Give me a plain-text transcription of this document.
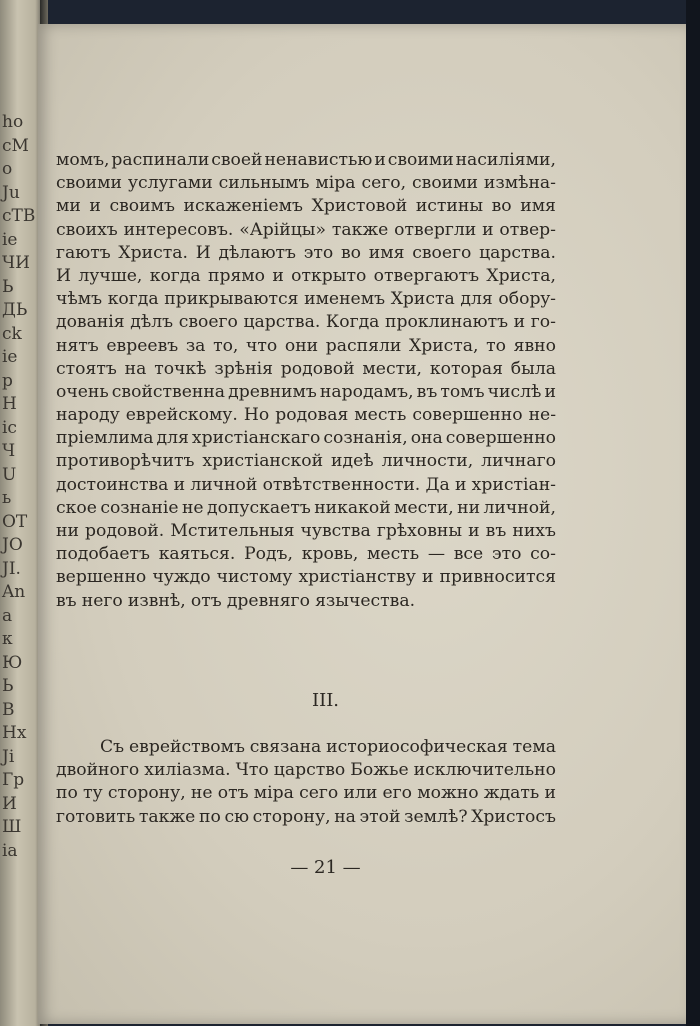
ho
cM
o
Ju
cTB
ie
ЧИ
Ь
ДЬ
ck
ie
p
H
ic
Ч
U
ь
OT
JO
JI.
An
a
к
Ю
Ь
B
Hx
Ji
Гp
И
Ш
ia
момъ, распинали своей ненавистью и своими насиліями,
своими услугами сильнымъ міра сего, своими измѣна-
ми и своимъ искаженіемъ Христовой истины во имя
своихъ интересовъ. «Арійцы» также отвергли и отвер-
гаютъ Христа. И дѣлаютъ это во имя своего царства.
И лучше, когда прямо и открыто отвергаютъ Христа,
чѣмъ когда прикрываются именемъ Христа для оборy-
дованія дѣлъ своего царства. Когда проклинаютъ и го-
нятъ евреевъ за то, что они распяли Христа, то явно
стоятъ на точкѣ зрѣнія родовой мести, которая была
очень свойственна древнимъ народамъ, въ томъ числѣ и
народу еврейскому. Но родовая месть совершенно не-
пріемлима для христіанскаго сознанія, она совершенно
противорѣчитъ христіанской идеѣ личности, личнаго
достоинства и личной отвѣтственности. Да и христіан-
ское сознаніе не допускаетъ никакой мести, ни личной,
ни родовой. Мстительныя чувства грѣховны и въ нихъ
подобаетъ каяться. Родъ, кровь, месть — все это со-
вершенно чуждо чистому христіанству и привносится
въ него извнѣ, отъ древняго язычества.
III.
Съ еврействомъ связана историософическая тема
двойного хиліазма. Что царство Божье исключительно
по ту сторону, не отъ міра сего или его можно ждать и
готовить также по сю сторону, на этой землѣ? Христосъ
— 21 —
